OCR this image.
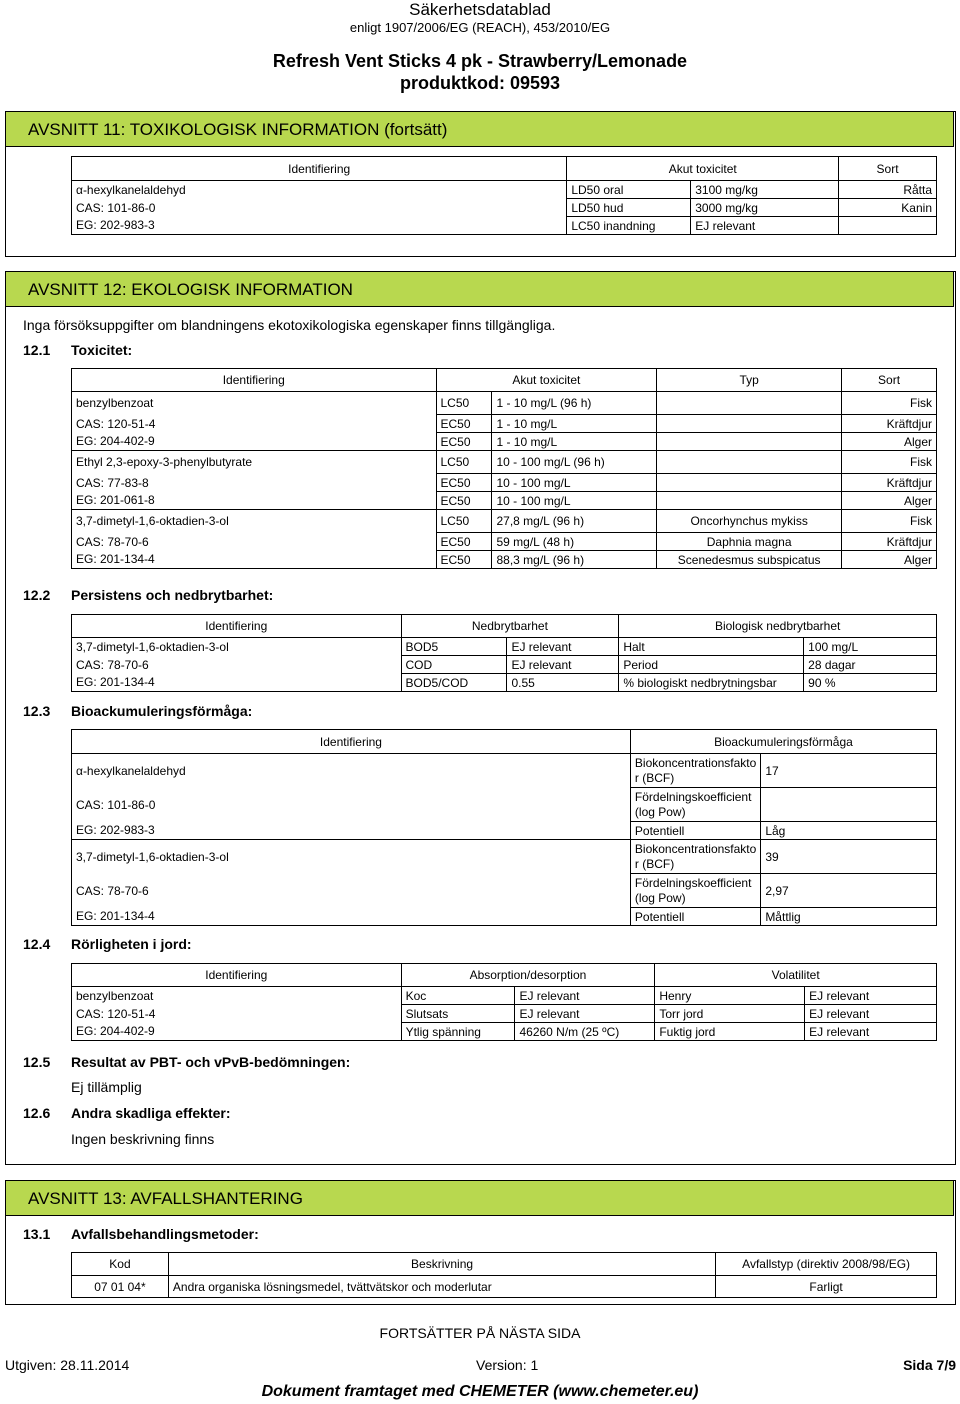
Säkerhetsdatablad
enligt 1907/2006/EG (REACH), 453/2010/EG
Refresh Vent Sticks 4 pk - Strawberry/Lemonade
produktkod: 09593
AVSNITT 11: TOXIKOLOGISK INFORMATION (fortsätt)
Identifiering	Akut toxicitet		Sort
α-hexylkanelaldehyd	LD50 oral	3100 mg/kg	Råtta
CAS: 101-86-0	LD50 hud	3000 mg/kg	Kanin
EG: 202-983-3	LC50 inandning	EJ relevant	
AVSNITT 12: EKOLOGISK INFORMATION
Inga försöksuppgifter om blandningens ekotoxikologiska egenskaper finns tillgängliga.
12.1 Toxicitet:
Identifiering	Akut toxicitet		Typ	Sort
benzylbenzoat	LC50	1 - 10 mg/L (96 h)		Fisk
CAS: 120-51-4	EC50	1 - 10 mg/L		Kräftdjur
EG: 204-402-9	EC50	1 - 10 mg/L		Alger
Ethyl 2,3-epoxy-3-phenylbutyrate	LC50	10 - 100 mg/L (96 h)		Fisk
CAS: 77-83-8	EC50	10 - 100 mg/L		Kräftdjur
EG: 201-061-8	EC50	10 - 100 mg/L		Alger
3,7-dimetyl-1,6-oktadien-3-ol	LC50	27,8 mg/L (96 h)	Oncorhynchus mykiss	Fisk
CAS: 78-70-6	EC50	59 mg/L (48 h)	Daphnia magna	Kräftdjur
EG: 201-134-4	EC50	88,3 mg/L (96 h)	Scenedesmus subspicatus	Alger
12.2 Persistens och nedbrytbarhet:
Identifiering	Nedbrytbarhet		Biologisk nedbrytbarhet	
3,7-dimetyl-1,6-oktadien-3-ol	BOD5	EJ relevant	Halt	100 mg/L
CAS: 78-70-6	COD	EJ relevant	Period	28 dagar
EG: 201-134-4	BOD5/COD	0.55	% biologiskt nedbrytningsbar	90 %
12.3 Bioackumuleringsförmåga:
Identifiering	Bioackumuleringsförmåga	
α-hexylkanelaldehyd	Biokoncentrationsfakto r (BCF)	17
CAS: 101-86-0	Fördelningskoefficient (log Pow)	
EG: 202-983-3	Potentiell	Låg
3,7-dimetyl-1,6-oktadien-3-ol	Biokoncentrationsfakto r (BCF)	39
CAS: 78-70-6	Fördelningskoefficient (log Pow)	2,97
EG: 201-134-4	Potentiell	Måttlig
12.4 Rörligheten i jord:
Identifiering	Absorption/desorption		Volatilitet	
benzylbenzoat	Koc	EJ relevant	Henry	EJ relevant
CAS: 120-51-4	Slutsats	EJ relevant	Torr jord	EJ relevant
EG: 204-402-9	Ytlig spänning	46260 N/m (25 ºC)	Fuktig jord	EJ relevant
12.5 Resultat av PBT- och vPvB-bedömningen:
Ej tillämplig
12.6 Andra skadliga effekter:
Ingen beskrivning finns
AVSNITT 13: AVFALLSHANTERING
13.1 Avfallsbehandlingsmetoder:
Kod	Beskrivning	Avfallstyp (direktiv 2008/98/EG)
07 01 04*	Andra organiska lösningsmedel, tvättvätskor och moderlutar	Farligt
FORTSÄTTER PÅ NÄSTA SIDA
Utgiven: 28.11.2014	Version: 1	Sida 7/9
Dokument framtaget med CHEMETER (www.chemeter.eu)
